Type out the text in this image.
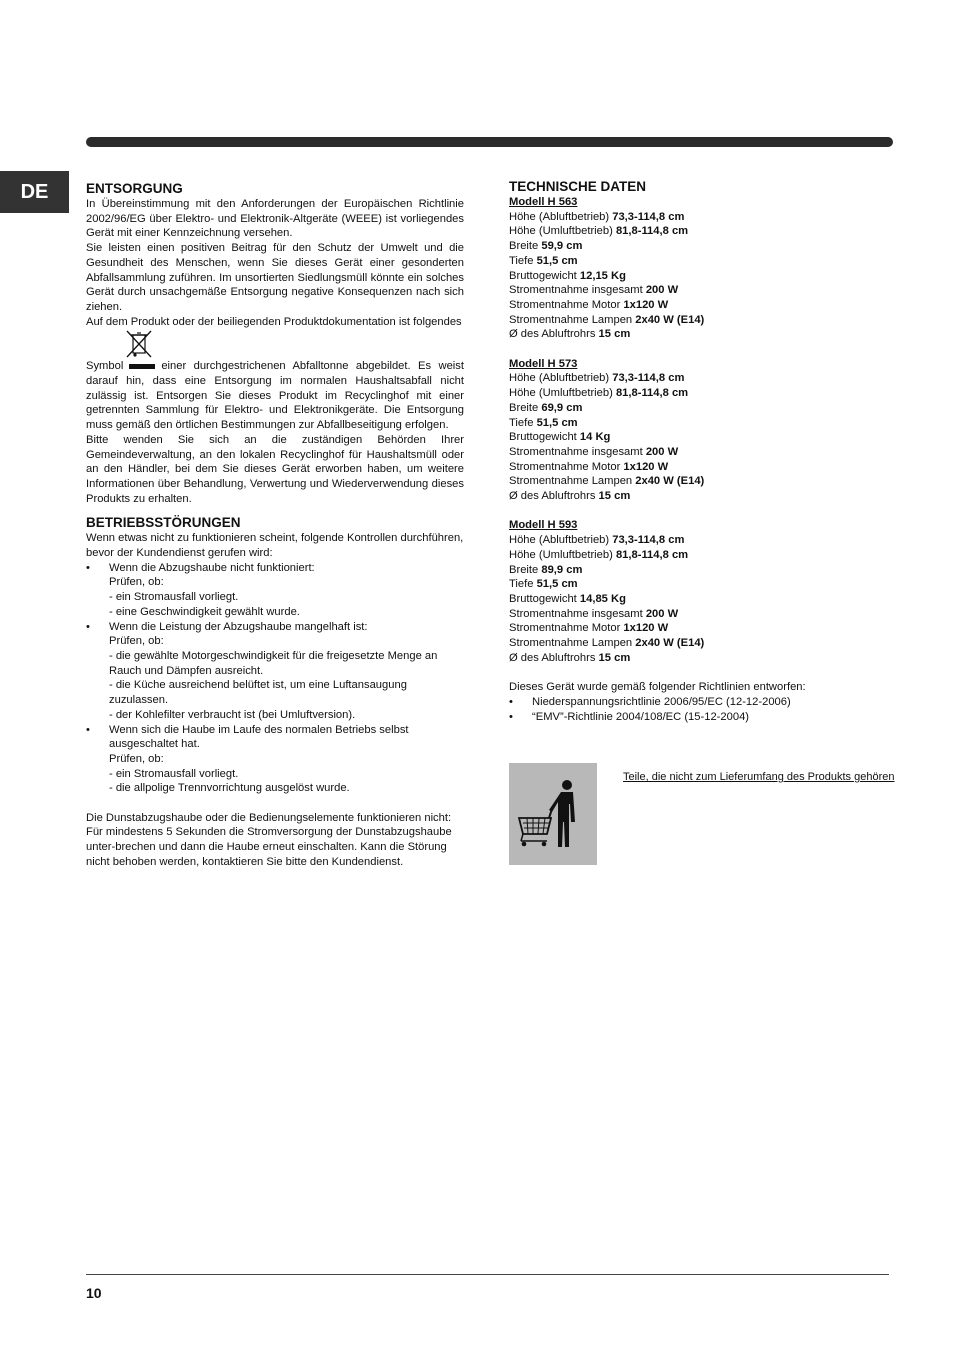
DE	ENTSORGUNG

In Übereinstimmung mit den Anforderungen der Europäischen Richtlinie 2002/96/EG über Elektro- und Elektronik-Altgeräte (WEEE) ist vorliegendes Gerät mit einer Kennzeichnung versehen.

Sie leisten einen positiven Beitrag für den Schutz der Umwelt und die Gesundheit des Menschen, wenn Sie dieses Gerät einer gesonderten Abfallsammlung zuführen. Im unsortierten Siedlungsmüll könnte ein solches Gerät durch unsachgemäße Entsorgung negative Konsequenzen nach sich ziehen.

Auf dem Produkt oder der beiliegenden Produktdokumentation ist folgendes

Symbol	einer durchgestrichenen Abfalltonne abgebildet. Es weist darauf hin, dass eine Entsorgung im normalen Haushaltsabfall nicht zulässig ist. Entsorgen Sie dieses Produkt im Recyclinghof mit einer getrennten Sammlung für Elektro- und Elektronikgeräte. Die Entsorgung muss gemäß den örtlichen Bestimmungen zur Abfallbeseitigung erfolgen.

Bitte wenden Sie sich an die zuständigen Behörden Ihrer Gemeindeverwaltung, an den lokalen Recyclinghof für Haushaltsmüll oder an den Händler, bei dem Sie dieses Gerät erworben haben, um weitere Informationen über Behandlung, Verwertung und Wiederverwendung dieses Produkts zu erhalten.

BETRIEBSSTÖRUNGEN

Wenn etwas nicht zu funktionieren scheint, folgende Kontrollen durchführen, bevor der Kundendienst gerufen wird:

• Wenn die Abzugshaube nicht funktioniert:

Prüfen, ob:

- ein Stromausfall vorliegt.

- eine Geschwindigkeit gewählt wurde.

• Wenn die Leistung der Abzugshaube mangelhaft ist:

Prüfen, ob:

- die gewählte Motorgeschwindigkeit für die freigesetzte Menge an Rauch und Dämpfen ausreicht.

- die Küche ausreichend belüftet ist, um eine Luftansaugung zuzulassen.

- der Kohlefilter verbraucht ist (bei Umluftversion).

• Wenn sich die Haube im Laufe des normalen Betriebs selbst ausgeschaltet hat.

Prüfen, ob:

- ein Stromausfall vorliegt.

- die allpolige Trennvorrichtung ausgelöst wurde.

Die Dunstabzugshaube oder die Bedienungselemente funktionieren nicht: Für mindestens 5 Sekunden die Stromversorgung der Dunstabzugshaube unter-brechen und dann die Haube erneut einschalten. Kann die Störung nicht behoben werden, kontaktieren Sie bitte den Kundendienst.

TECHNISCHE DATEN

Modell H 563

Höhe (Abluftbetrieb) 73,3-114,8 cm

Höhe (Umluftbetrieb) 81,8-114,8 cm

Breite 59,9 cm

Tiefe 51,5 cm

Bruttogewicht 12,15 Kg

Stromentnahme insgesamt 200 W

Stromentnahme Motor 1x120 W

Stromentnahme Lampen 2x40 W (E14)

Ø des Abluftrohrs 15 cm

Modell H 573

Höhe (Abluftbetrieb) 73,3-114,8 cm

Höhe (Umluftbetrieb) 81,8-114,8 cm

Breite 69,9 cm

Tiefe 51,5 cm

Bruttogewicht 14 Kg

Stromentnahme insgesamt 200 W

Stromentnahme Motor 1x120 W

Stromentnahme Lampen 2x40 W (E14)

Ø des Abluftrohrs 15 cm

Modell H 593

Höhe (Abluftbetrieb) 73,3-114,8 cm

Höhe (Umluftbetrieb) 81,8-114,8 cm

Breite 89,9 cm

Tiefe 51,5 cm

Bruttogewicht 14,85 Kg

Stromentnahme insgesamt 200 W

Stromentnahme Motor 1x120 W

Stromentnahme Lampen 2x40 W (E14)

Ø des Abluftrohrs 15 cm

Dieses Gerät wurde gemäß folgender Richtlinien entworfen:

• Niederspannungsrichtlinie 2006/95/EC (12-12-2006)

• “EMV”-Richtlinie 2004/108/EC (15-12-2004)

Teile, die nicht zum Lieferumfang des Produkts gehören
10
